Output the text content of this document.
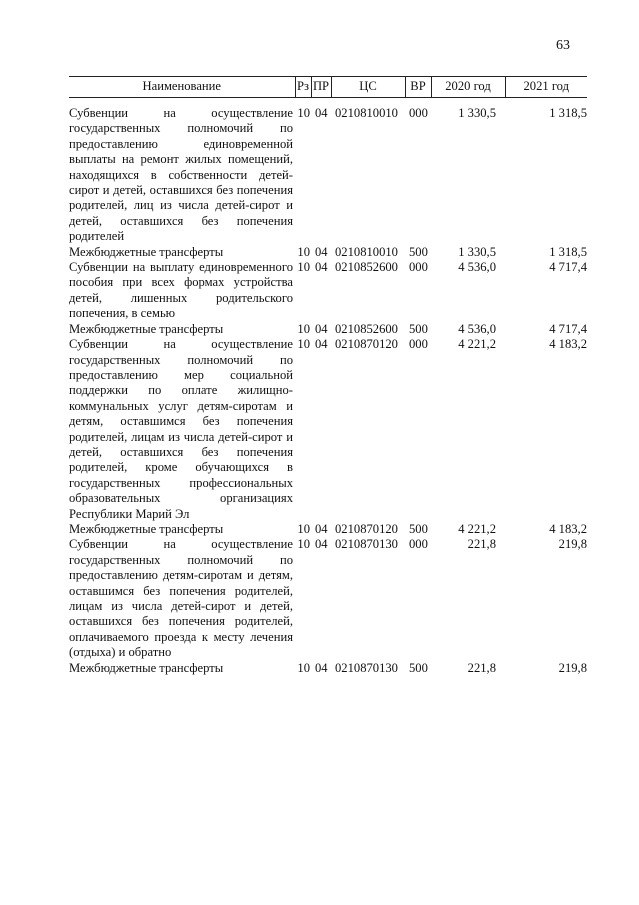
63
Наименование	Рз	ПР	ЦС	ВР	2020 год	2021 год
Субвенции на осуществление государственных полномочий по предоставлению единовременной выплаты на ремонт жилых помещений, находящихся в собственности детей-сирот и детей, оставшихся без попечения родителей, лиц из числа детей-сирот и детей, оставшихся без попечения родителей	10	04	0210810010	000	1 330,5	1 318,5
Межбюджетные трансферты	10	04	0210810010	500	1 330,5	1 318,5
Субвенции на выплату единовременного пособия при всех формах устройства детей, лишенных родительского попечения, в семью	10	04	0210852600	000	4 536,0	4 717,4
Межбюджетные трансферты	10	04	0210852600	500	4 536,0	4 717,4
Субвенции на осуществление государственных полномочий по предоставлению мер социальной поддержки по оплате жилищно-коммунальных услуг детям-сиротам и детям, оставшимся без попечения родителей, лицам из числа детей-сирот и детей, оставшихся без попечения родителей, кроме обучающихся в государственных профессиональных образовательных организациях Республики Марий Эл	10	04	0210870120	000	4 221,2	4 183,2
Межбюджетные трансферты	10	04	0210870120	500	4 221,2	4 183,2
Субвенции на осуществление государственных полномочий по предоставлению детям-сиротам и детям, оставшимся без попечения родителей, лицам из числа детей-сирот и детей, оставшихся без попечения родителей, оплачиваемого проезда к месту лечения (отдыха) и обратно	10	04	0210870130	000	221,8	219,8
Межбюджетные трансферты	10	04	0210870130	500	221,8	219,8
